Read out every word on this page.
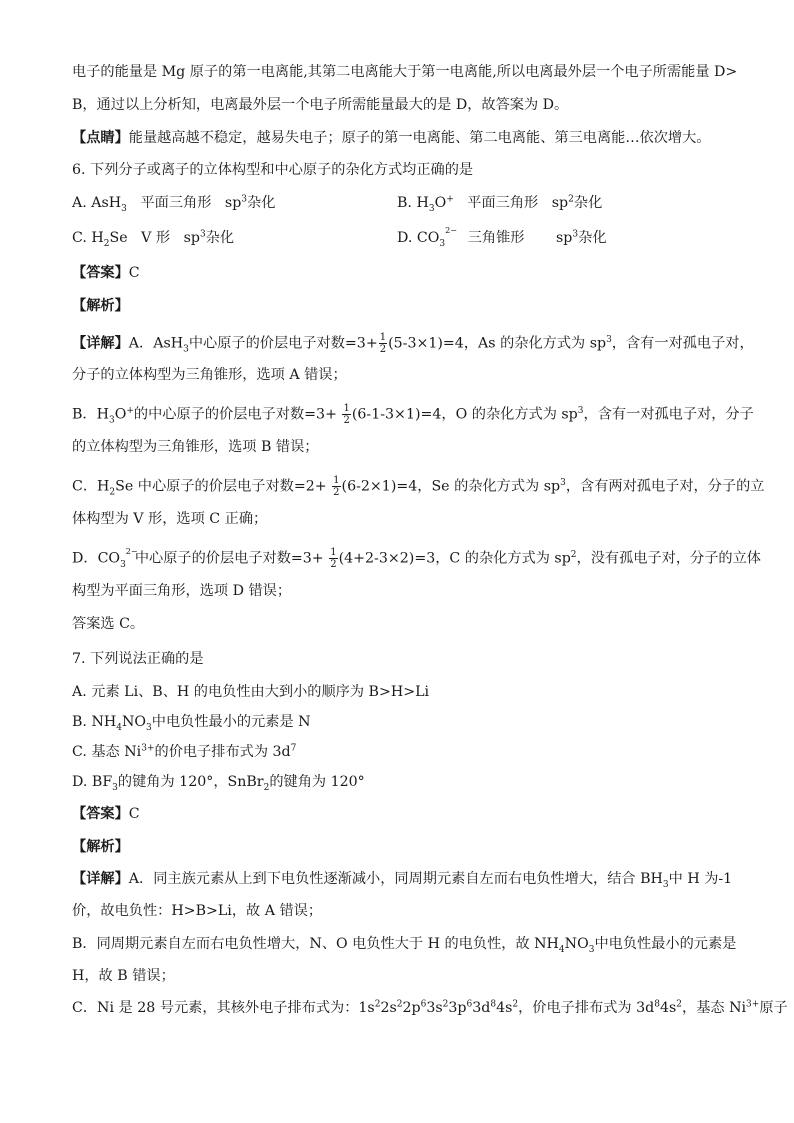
电子的能量是 Mg 原子的第一电离能,其第二电离能大于第一电离能,所以电离最外层一个电子所需能量 D>
B，通过以上分析知，电离最外层一个电子所需能量最大的是 D，故答案为 D。
【点睛】能量越高越不稳定，越易失电子；原子的第一电离能、第二电离能、第三电离能…依次增大。
6. 下列分子或离子的立体构型和中心原子的杂化方式均正确的是
A. AsH$_3$ 平面三角形 $sp^3$杂化	B. $H_3O^+$ 平面三角形 $sp^2$杂化
C. $H_2Se$ V 形 $sp^3$杂化	D. $CO_3$
2− 三角锥形 $sp^3$杂化
【答案】C
【解析】
【详解】A．AsH$_3$中心原子的价层电子对数$=3+ \frac{1}{2} (5-3\times 1)=4$，As 的杂化方式为 $sp^3$，含有一对孤电子对，
分子的立体构型为三角锥形，选项 A 错误；
B．$H_3O^+$的中心原子的价层电子对数$=3+ \frac{1}{2} (6-1-3\times 1)=4$，O 的杂化方式为 $sp^3$，含有一对孤电子对，分子
的立体构型为三角锥形，选项 B 错误；
C．$H_2Se$ 中心原子的价层电子对数$=2+ \frac{1}{2} (6-2\times 1)=4$，Se 的杂化方式为 $sp^3$，含有两对孤电子对，分子的立
体构型为 V 形，选项 C 正确；
D．$CO_3$
2−
中心原子的价层电子对数$=3+ \frac{1}{2} (4+2-3\times 2)=3$，C 的杂化方式为 $sp^2$，没有孤电子对，分子的立体
构型为平面三角形，选项 D 错误；
答案选 C。
7. 下列说法正确的是
A. 元素 Li、B、H 的电负性由大到小的顺序为 B>H>Li
B. $NH_4NO_3$中电负性最小的元素是 N
C. 基态 $Ni^{3+}$的价电子排布式为 $3d^7$
D. $BF_3$的键角为 120°，SnBr$_2$的键角为 120°
【答案】C
【解析】
【详解】A．同主族元素从上到下电负性逐渐减小，同周期元素自左而右电负性增大，结合 $BH_3$中 H 为-1
价，故电负性：H>B>Li，故 A 错误；
B．同周期元素自左而右电负性增大，N、O 电负性大于 H 的电负性，故 $NH_4NO_3$中电负性最小的元素是
H，故 B 错误；
C．Ni 是 28 号元素，其核外电子排布式为：$1s^22s^22p^63s^23p^63d^84s^2$，价电子排布式为 $3d^84s^2$，基态 $Ni^{3+}$原子
